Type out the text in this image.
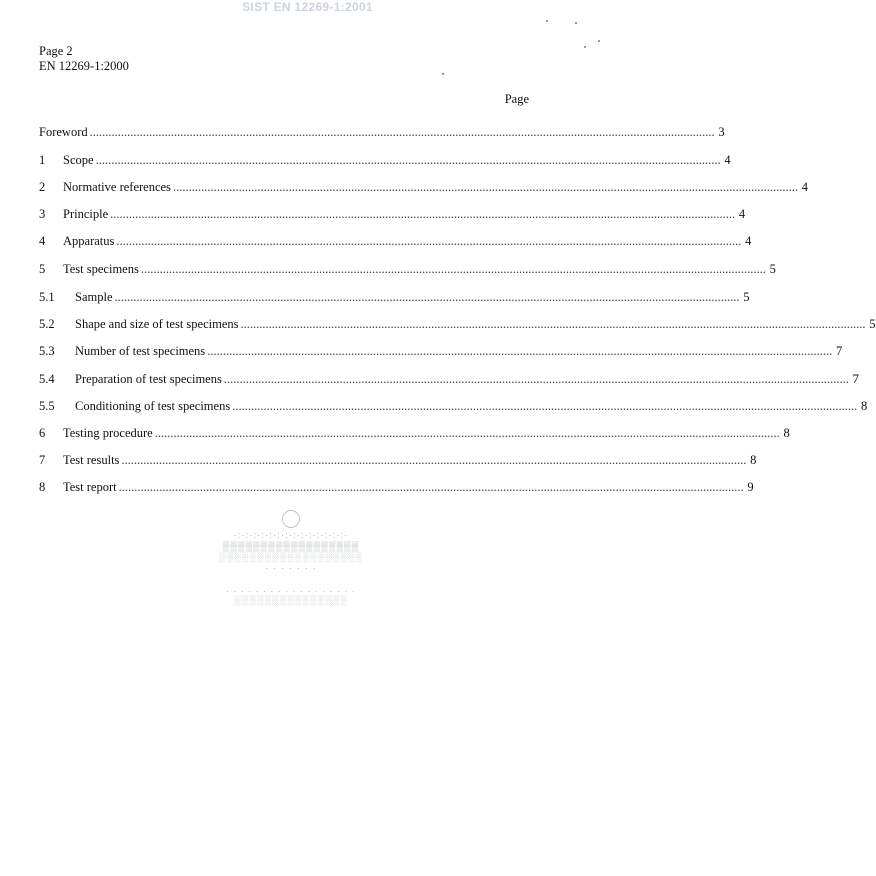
SIST EN 12269-1:2001
Page 2
EN 12269-1:2000
Page
Foreword ........................................................................................................................................................................................................ 3
1	Scope ........................................................................................................................................................................................................ 4
2	Normative references ........................................................................................................................................................................................................ 4
3	Principle ........................................................................................................................................................................................................ 4
4	Apparatus ........................................................................................................................................................................................................ 4
5	Test specimens ........................................................................................................................................................................................................ 5
5.1	Sample ........................................................................................................................................................................................................ 5
5.2	Shape and size of test specimens ........................................................................................................................................................................................................ 5
5.3	Number of test specimens ........................................................................................................................................................................................................ 7
5.4	Preparation of test specimens ........................................................................................................................................................................................................ 7
5.5	Conditioning of test specimens ........................................................................................................................................................................................................ 8
6	Testing procedure ........................................................................................................................................................................................................ 8
7	Test results ........................................................................................................................................................................................................ 8
8	Test report ........................................................................................................................................................................................................ 9
·:·:·:·:·:·:·:·:·:·:·:·:·:·:·
▒▒▒▒▒▒▒▒▒▒▒▒▒▒▒▒▒▒
░░░░░░░░░░░░░░░░░░░
· · · · · · ·
. . . . . . . . . . . . . . . . . .
░░░░░░░░░░░░░░░
